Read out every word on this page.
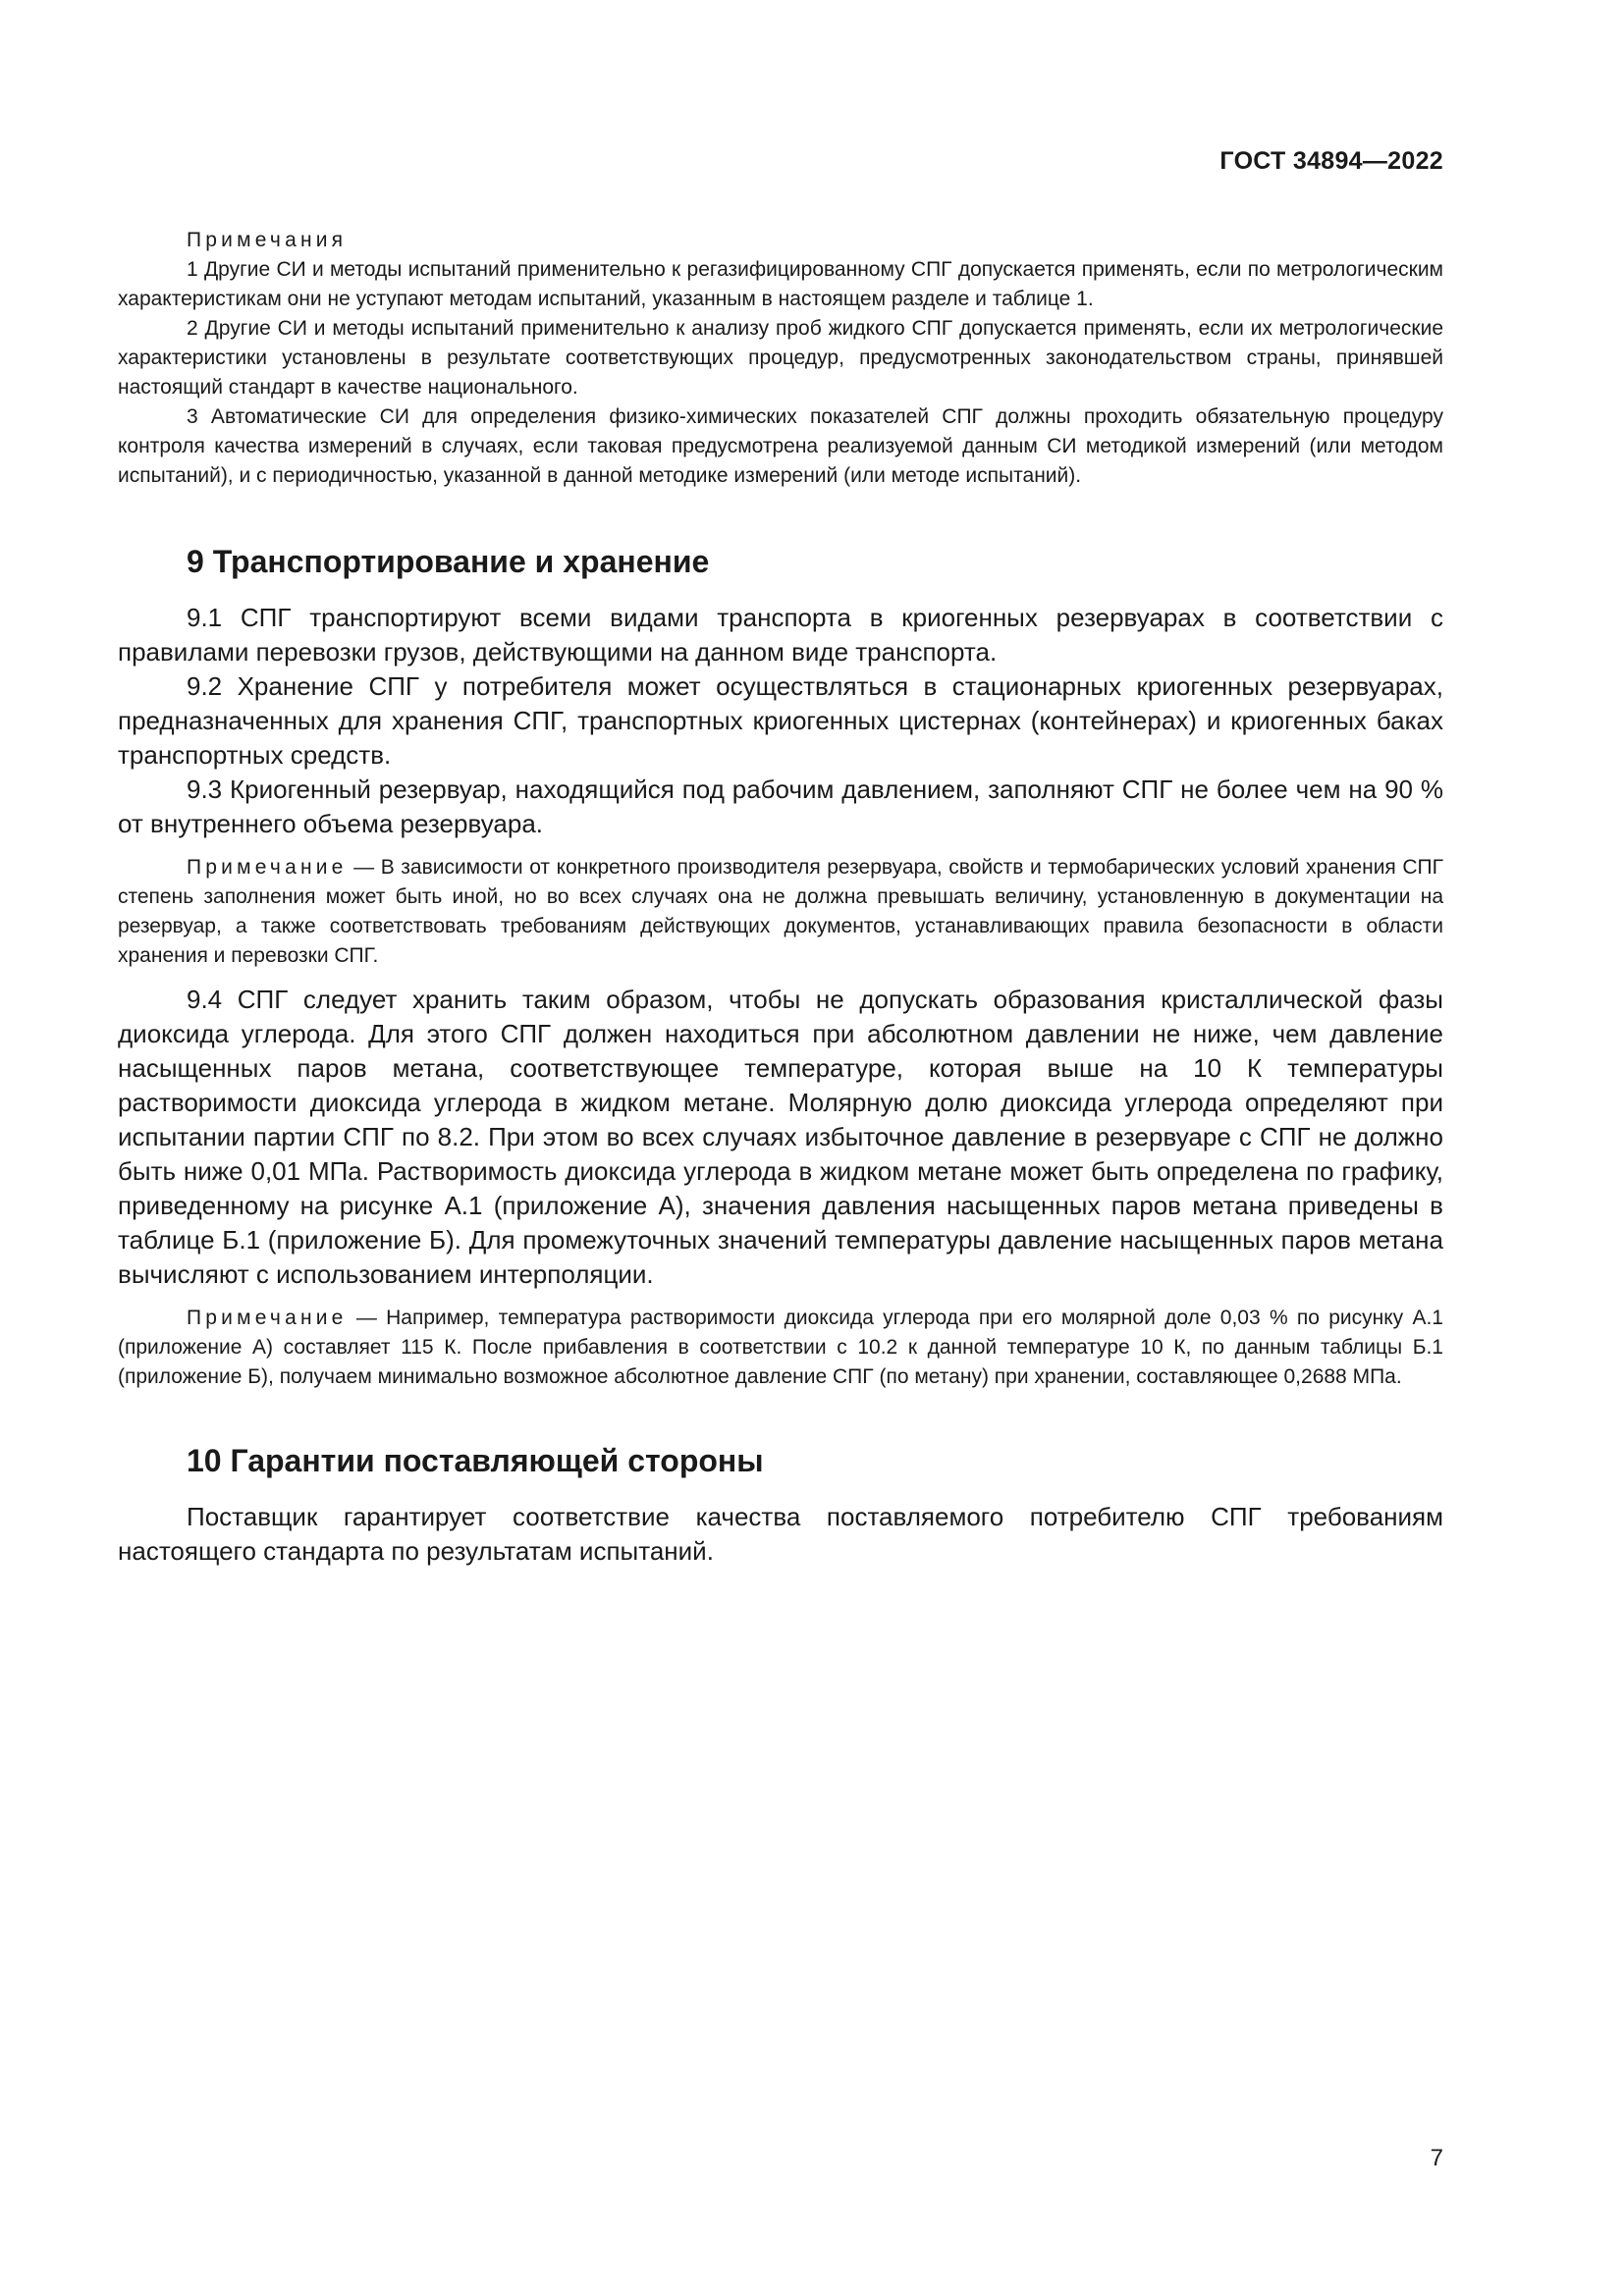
ГОСТ 34894—2022

Примечания

1 Другие СИ и методы испытаний применительно к регазифицированному СПГ допускается применять, если по метрологическим характеристикам они не уступают методам испытаний, указанным в настоящем разделе и таблице 1.

2 Другие СИ и методы испытаний применительно к анализу проб жидкого СПГ допускается применять, если их метрологические характеристики установлены в результате соответствующих процедур, предусмотренных законодательством страны, принявшей настоящий стандарт в качестве национального.

3 Автоматические СИ для определения физико-химических показателей СПГ должны проходить обязательную процедуру контроля качества измерений в случаях, если таковая предусмотрена реализуемой данным СИ методикой измерений (или методом испытаний), и с периодичностью, указанной в данной методике измерений (или методе испытаний).

9 Транспортирование и хранение

9.1 СПГ транспортируют всеми видами транспорта в криогенных резервуарах в соответствии с правилами перевозки грузов, действующими на данном виде транспорта.

9.2 Хранение СПГ у потребителя может осуществляться в стационарных криогенных резервуарах, предназначенных для хранения СПГ, транспортных криогенных цистернах (контейнерах) и криогенных баках транспортных средств.

9.3 Криогенный резервуар, находящийся под рабочим давлением, заполняют СПГ не более чем на 90 % от внутреннего объема резервуара.

Примечание — В зависимости от конкретного производителя резервуара, свойств и термобарических условий хранения СПГ степень заполнения может быть иной, но во всех случаях она не должна превышать величину, установленную в документации на резервуар, а также соответствовать требованиям действующих документов, устанавливающих правила безопасности в области хранения и перевозки СПГ.

9.4 СПГ следует хранить таким образом, чтобы не допускать образования кристаллической фазы диоксида углерода. Для этого СПГ должен находиться при абсолютном давлении не ниже, чем давление насыщенных паров метана, соответствующее температуре, которая выше на 10 К температуры растворимости диоксида углерода в жидком метане. Молярную долю диоксида углерода определяют при испытании партии СПГ по 8.2. При этом во всех случаях избыточное давление в резервуаре с СПГ не должно быть ниже 0,01 МПа. Растворимость диоксида углерода в жидком метане может быть определена по графику, приведенному на рисунке А.1 (приложение А), значения давления насыщенных паров метана приведены в таблице Б.1 (приложение Б). Для промежуточных значений температуры давление насыщенных паров метана вычисляют с использованием интерполяции.

Примечание — Например, температура растворимости диоксида углерода при его молярной доле 0,03 % по рисунку А.1 (приложение А) составляет 115 К. После прибавления в соответствии с 10.2 к данной температуре 10 К, по данным таблицы Б.1 (приложение Б), получаем минимально возможное абсолютное давление СПГ (по метану) при хранении, составляющее 0,2688 МПа.

10 Гарантии поставляющей стороны

Поставщик гарантирует соответствие качества поставляемого потребителю СПГ требованиям настоящего стандарта по результатам испытаний.

7
